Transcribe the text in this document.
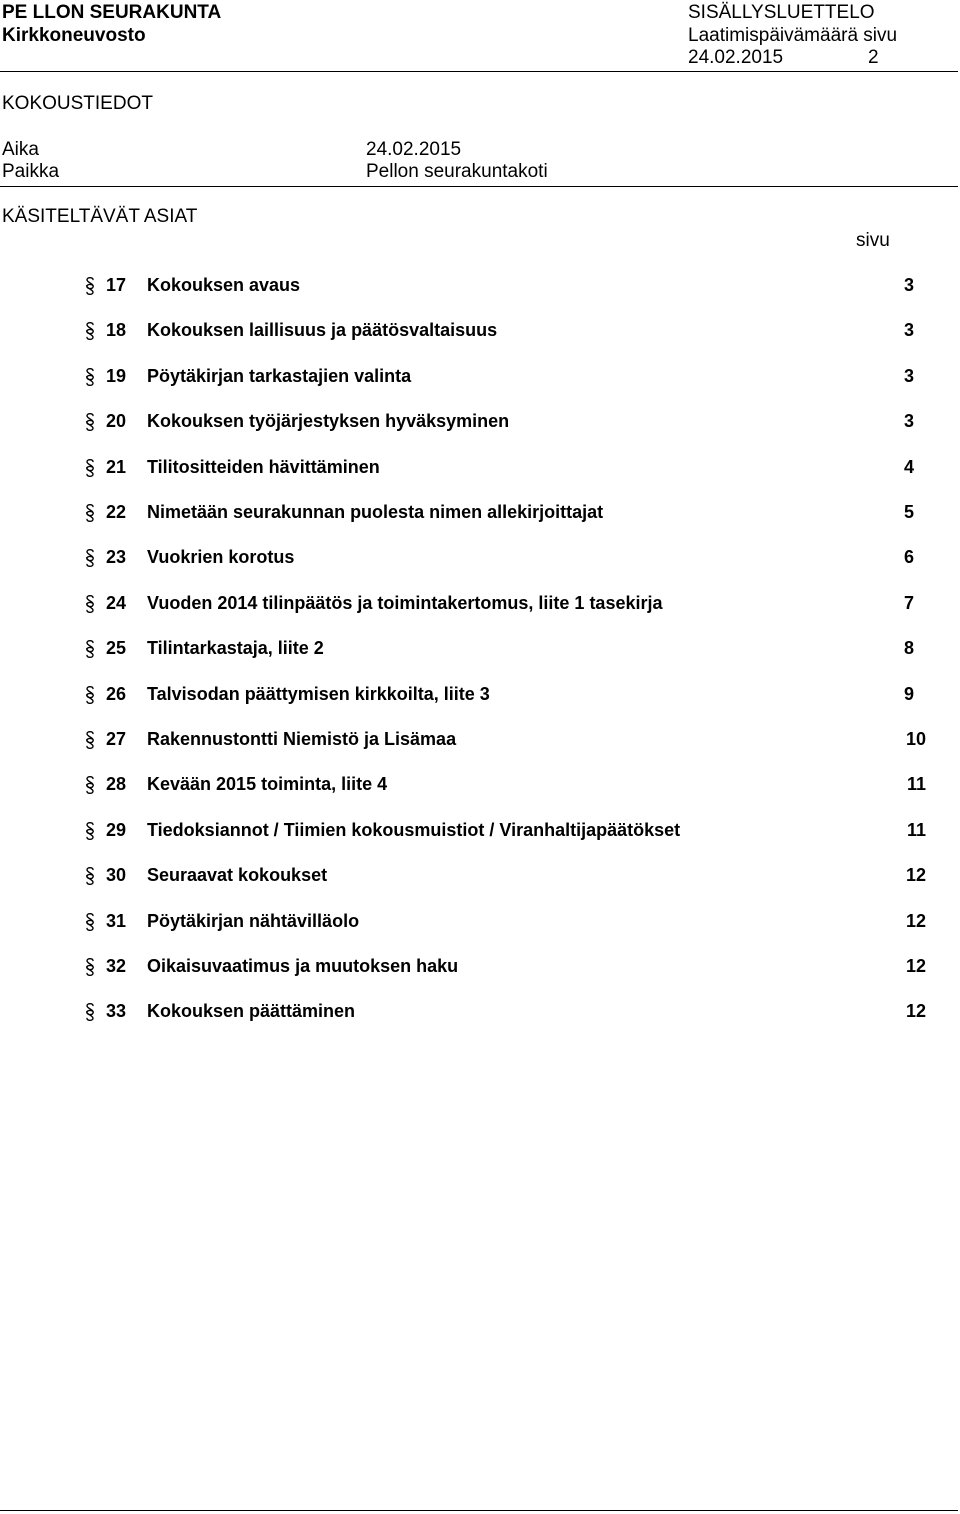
PE LLON SEURAKUNTA
Kirkkoneuvosto
SISÄLLYSLUETTELO
Laatimispäivämäärä sivu
24.02.2015	2
KOKOUSTIEDOT
Aika	24.02.2015
Paikka	Pellon seurakuntakoti
KÄSITELTÄVÄT ASIAT
sivu
17 Kokouksen avaus	3
18 Kokouksen laillisuus ja päätösvaltaisuus	3
19 Pöytäkirjan tarkastajien valinta	3
20 Kokouksen työjärjestyksen hyväksyminen	3
21 Tilitositteiden hävittäminen	4
22 Nimetään seurakunnan puolesta nimen allekirjoittajat	5
23 Vuokrien korotus	6
24 Vuoden 2014 tilinpäätös ja toimintakertomus, liite 1 tasekirja	7
25 Tilintarkastaja, liite 2	8
26 Talvisodan päättymisen kirkkoilta, liite 3	9
27 Rakennustontti Niemistö ja Lisämaa	10
28 Kevään 2015 toiminta, liite 4	11
29 Tiedoksiannot / Tiimien kokousmuistiot / Viranhaltijapäätökset	11
30 Seuraavat kokoukset	12
31 Pöytäkirjan nähtävilläolo	12
32 Oikaisuvaatimus ja muutoksen haku	12
33 Kokouksen päättäminen	12
